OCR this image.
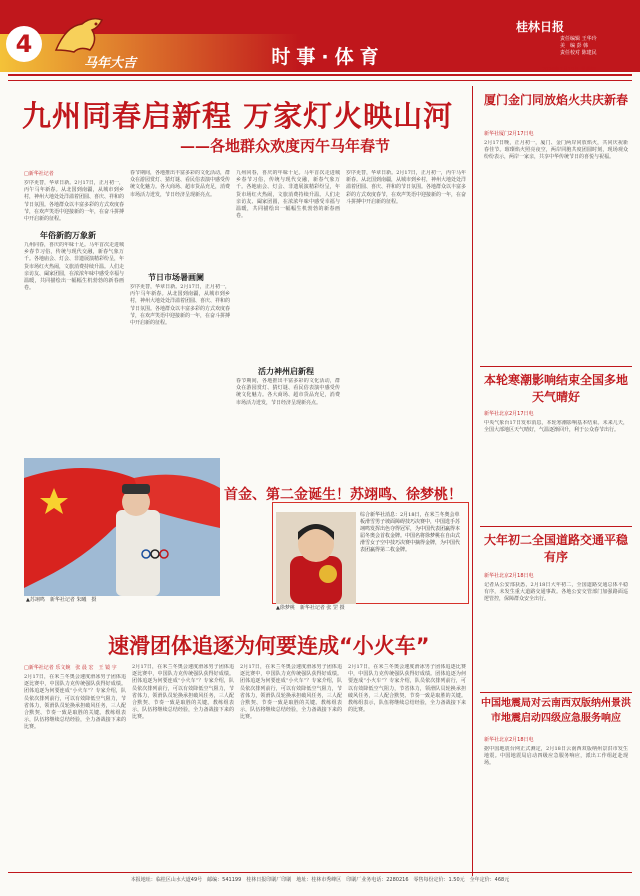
4
马年大吉	时事·体育
桂林日报
责任编辑 王华玲
美　编 彭 韩
责任校对 陈建民
2026年2月19日 星期四
九州同春启新程 万家灯火映山河
——各地群众欢度丙午马年春节
□新华社记者
岁序更替，华章日新。2月17日，正月初一，丙午马年新春。从北国到南疆，从城市到乡村，神州大地处处洋溢着团圆、喜庆、祥和的节日氛围。各地群众以丰富多彩的方式欢度春节，在欢声笑语中迎接新的一年，在奋斗拼搏中开启新的征程。
年俗新韵万象新
九州同春，喜庆的年味十足。马年首次走进城乡春节习俗，传统与现代交融，新春气象万千。各地庙会、灯会、非遗展演精彩纷呈，年货市场红火热闹，文旅消费持续升温。人们走亲访友、阖家团圆，在浓浓年味中感受幸福与温暖，共同描绘出一幅幅生机勃勃的新春画卷。
春节期间，各地推出丰富多彩的文化活动，群众在游园赏灯、猜灯谜、看民俗表演中感受传统文化魅力。各大商场、超市货品充足，消费市场活力迸发，节日经济呈现新亮点。
节日市场暑画阑
岁序更替，华章日新。2月17日，正月初一，丙午马年新春。从北国到南疆，从城市到乡村，神州大地处处洋溢着团圆、喜庆、祥和的节日氛围。各地群众以丰富多彩的方式欢度春节，在欢声笑语中迎接新的一年，在奋斗拼搏中开启新的征程。
九州同春，喜庆的年味十足。马年首次走进城乡春节习俗，传统与现代交融，新春气象万千。各地庙会、灯会、非遗展演精彩纷呈，年货市场红火热闹，文旅消费持续升温。人们走亲访友、阖家团圆，在浓浓年味中感受幸福与温暖，共同描绘出一幅幅生机勃勃的新春画卷。
活力神州启新程
春节期间，各地推出丰富多彩的文化活动，群众在游园赏灯、猜灯谜、看民俗表演中感受传统文化魅力。各大商场、超市货品充足，消费市场活力迸发，节日经济呈现新亮点。
岁序更替，华章日新。2月17日，正月初一，丙午马年新春。从北国到南疆，从城市到乡村，神州大地处处洋溢着团圆、喜庆、祥和的节日氛围。各地群众以丰富多彩的方式欢度春节，在欢声笑语中迎接新的一年，在奋斗拼搏中开启新的征程。
▲苏翊鸣　新华社记者 朱曦　摄
首金、第二金诞生！苏翊鸣、徐梦桃！
综合新华社消息：2月18日，在米兰冬奥会单板滑雪男子坡面障碍技巧决赛中，中国选手苏翊鸣发挥出色夺得冠军，为中国代表团赢得本届冬奥会首枚金牌。中国名将徐梦桃在自由式滑雪女子空中技巧决赛中摘得金牌，为中国代表团赢得第二枚金牌。
▲徐梦桃　新华社记者 张 罡 摄
速滑团体追逐为何要连成“小火车”
□新华社记者 乐文婉　张 晨 宏　王 镜 宇
2月17日，在米兰冬奥会速度滑冰男子团体追逐比赛中，中国队力克传统强队获得好成绩。团体追逐为何要连成“小火车”？专家介绍，队员依次排列前行，可以有效降低空气阻力，节省体力，领滑队员轮换承担破风任务，三人配合默契、节奏一致是取胜的关键。教练组表示，队伍将继续总结经验，全力备战接下来的比赛。
2月17日，在米兰冬奥会速度滑冰男子团体追逐比赛中，中国队力克传统强队获得好成绩。团体追逐为何要连成“小火车”？专家介绍，队员依次排列前行，可以有效降低空气阻力，节省体力，领滑队员轮换承担破风任务，三人配合默契、节奏一致是取胜的关键。教练组表示，队伍将继续总结经验，全力备战接下来的比赛。
2月17日，在米兰冬奥会速度滑冰男子团体追逐比赛中，中国队力克传统强队获得好成绩。团体追逐为何要连成“小火车”？专家介绍，队员依次排列前行，可以有效降低空气阻力，节省体力，领滑队员轮换承担破风任务，三人配合默契、节奏一致是取胜的关键。教练组表示，队伍将继续总结经验，全力备战接下来的比赛。
2月17日，在米兰冬奥会速度滑冰男子团体追逐比赛中，中国队力克传统强队获得好成绩。团体追逐为何要连成“小火车”？专家介绍，队员依次排列前行，可以有效降低空气阻力，节省体力，领滑队员轮换承担破风任务，三人配合默契、节奏一致是取胜的关键。教练组表示，队伍将继续总结经验，全力备战接下来的比赛。
厦门金门同放焰火共庆新春
新华社厦门2月17日电
2月17日晚，正月初一，厦门、金门两岸同放焰火，共同庆祝新春佳节。璀璨焰火照亮夜空，两岸同胞共度团圆时刻，现场观众纷纷表示，两岸一家亲，共享中华传统节日的喜悦与祝福。
本轮寒潮影响结束全国多地天气晴好
新华社北京2月17日电
中央气象台17日发布消息，本轮寒潮影响基本结束。未来几天，全国大部地区天气晴好，气温逐渐回升，利于公众春节出行。
大年初二全国道路交通平稳有序
新华社北京2月18日电
记者从公安部获悉，2月18日大年初二，全国道路交通总体平稳有序，未发生重大道路交通事故。各地公安交管部门加强路面巡逻管控，保障群众安全出行。
中国地震局对云南西双版纳州景洪市地震启动四级应急服务响应
新华社北京2月18日电
据中国地震台网正式测定，2月18日云南西双版纳州景洪市发生地震。中国地震局启动四级应急服务响应，派出工作组赶赴现场。
本报地址：临桂区山水大道49号　邮编：541199　桂林日报印刷厂印刷　地址：桂林市秀峰区　印刷厂业务电话：2280216　零售每份定价：1.50元　全年定价：468元
